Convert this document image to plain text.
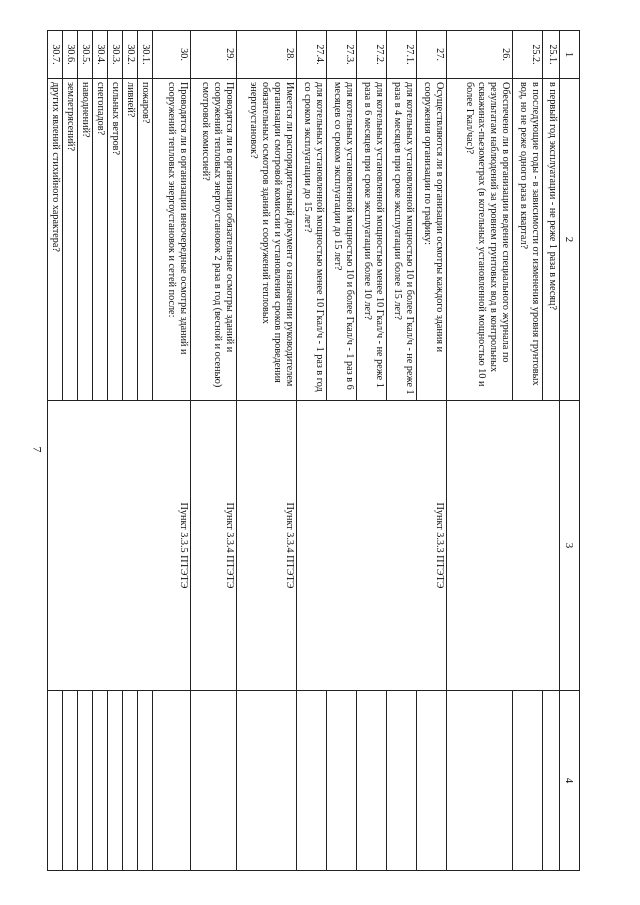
7
1	2	3	4
25.1.	в первый год эксплуатации - не реже 1 раза в месяц?		
25.2.	в последующие годы - в зависимости от изменения уровня грунтовых вод, но не реже одного раза в квартал?		
26.	Обеспечено ли в организации ведение специального журнала по результатам наблюдений за уровнем грунтовых вод в контрольных скважинах-пьезометрах (в котельных установленной мощностью 10 и более Гкал/час)?		
27.	Осуществляются ли в организации осмотры каждого здания и сооружения организации по графику:	Пункт 3.3.3 ПТЭТЭ	
27.1.	для котельных установленной мощностью 10 и более Гкал/ч - не реже 1 раза в 4 месяцев при сроке эксплуатации более 15 лет?		
27.2.	для котельных установленной мощностью менее 10 Гкал/ч - не реже 1 раза в 6 месяцев при сроке эксплуатации более 10 лет?		
27.3.	для котельных установленной мощностью 10 и более Гкал/ч - 1 раз в 6 месяцев со сроком эксплуатации до 15 лет?		
27.4.	для котельных установленной мощностью менее 10 Гкал/ч - 1 раз в год со сроком эксплуатации до 15 лет?		
28.	Имеется ли распорядительный документ о назначении руководителем организации смотровой комиссии и установления сроков проведения обязательных осмотров зданий и сооружений тепловых энергоустановок?	Пункт 3.3.4 ПТЭТЭ	
29.	Проводятся ли в организации обязательные осмотры зданий и сооружений тепловых энергоустановок 2 раза в год (весной и осенью) смотровой комиссией?	Пункт 3.3.4 ПТЭТЭ	
30.	Проводятся ли в организации внеочередные осмотры зданий и сооружений тепловых энергоустановок и сетей после:	Пункт 3.3.5 ПТЭТЭ	
30.1.	пожаров?		
30.2.	ливней?		
30.3.	сильных ветров?		
30.4.	снегопадов?		
30.5.	наводнений?		
30.6.	землетрясений?		
30.7.	других явлений стихийного характера?		
